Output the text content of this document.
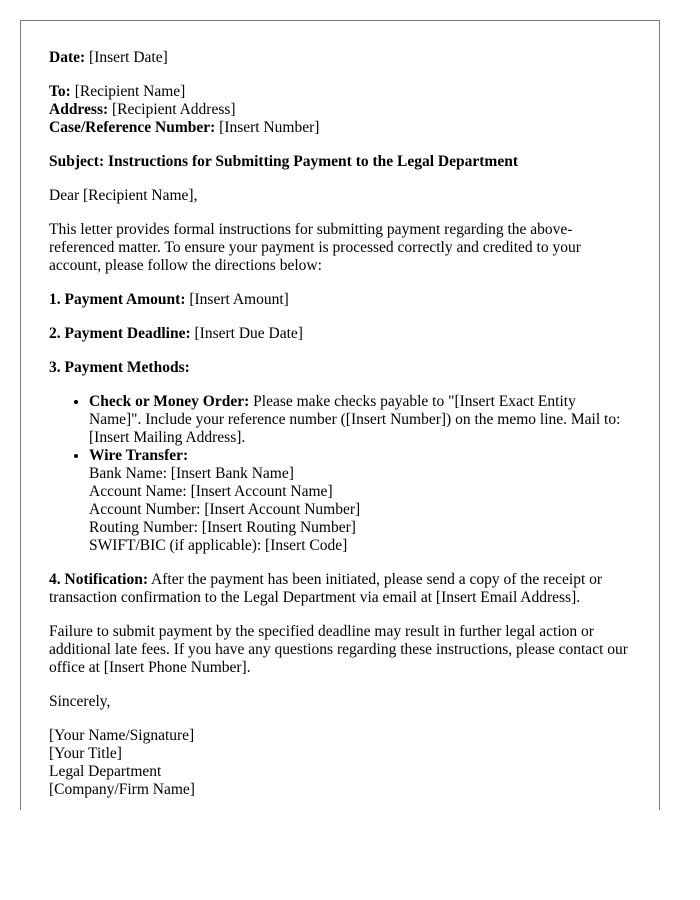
Date: [Insert Date]
To: [Recipient Name]
Address: [Recipient Address]
Case/Reference Number: [Insert Number]
Subject: Instructions for Submitting Payment to the Legal Department
Dear [Recipient Name],
This letter provides formal instructions for submitting payment regarding the above-referenced matter. To ensure your payment is processed correctly and credited to your account, please follow the directions below:
1. Payment Amount: [Insert Amount]
2. Payment Deadline: [Insert Due Date]
3. Payment Methods:
• Check or Money Order: Please make checks payable to "[Insert Exact Entity Name]". Include your reference number ([Insert Number]) on the memo line. Mail to: [Insert Mailing Address].
• Wire Transfer:
Bank Name: [Insert Bank Name]
Account Name: [Insert Account Name]
Account Number: [Insert Account Number]
Routing Number: [Insert Routing Number]
SWIFT/BIC (if applicable): [Insert Code]
4. Notification: After the payment has been initiated, please send a copy of the receipt or transaction confirmation to the Legal Department via email at [Insert Email Address].
Failure to submit payment by the specified deadline may result in further legal action or additional late fees. If you have any questions regarding these instructions, please contact our office at [Insert Phone Number].
Sincerely,
[Your Name/Signature]
[Your Title]
Legal Department
[Company/Firm Name]
